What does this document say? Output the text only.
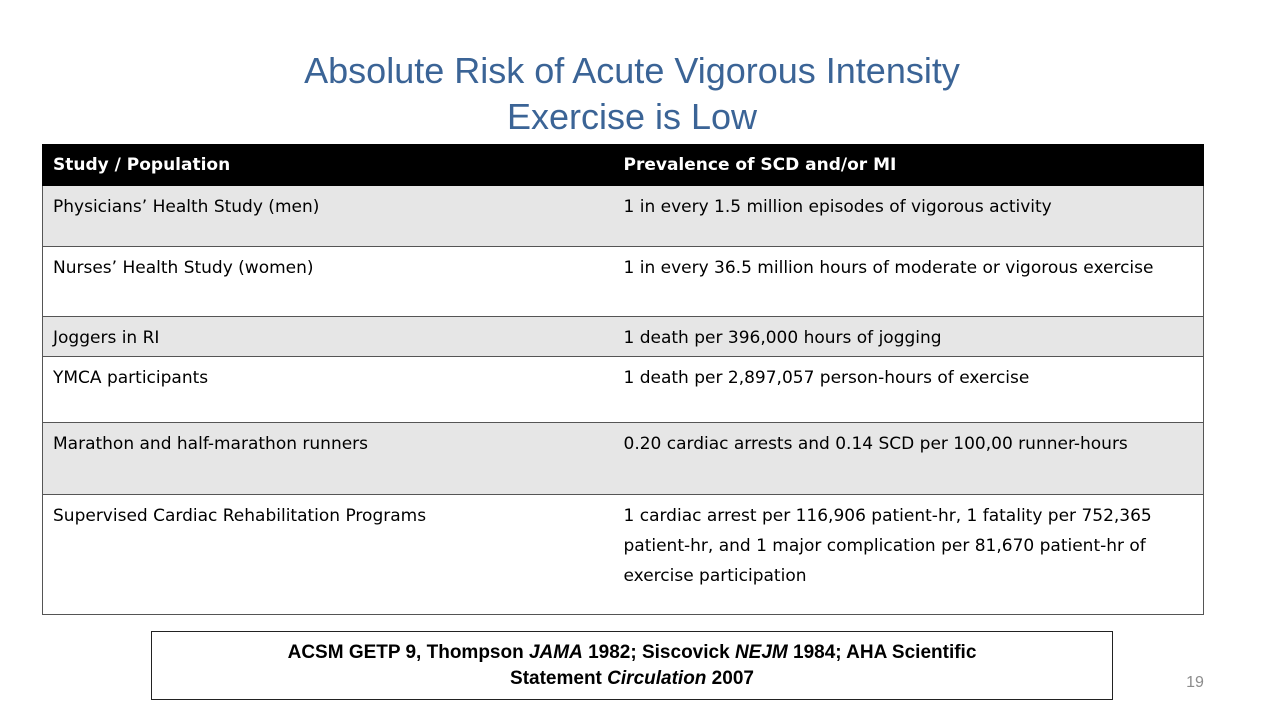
Absolute Risk of Acute Vigorous Intensity
Exercise is Low
Study / Population	Prevalence of SCD and/or MI
Physicians’ Health Study (men)	1 in every 1.5 million episodes of vigorous activity
Nurses’ Health Study (women)	1 in every 36.5 million hours of moderate or vigorous exercise
Joggers in RI	1 death per 396,000 hours of jogging
YMCA participants	1 death per 2,897,057 person-hours of exercise
Marathon and half-marathon runners	0.20 cardiac arrests and 0.14 SCD per 100,00 runner-hours
Supervised Cardiac Rehabilitation Programs	1 cardiac arrest per 116,906 patient-hr, 1 fatality per 752,365 patient-hr, and 1 major complication per 81,670 patient-hr of exercise participation
ACSM GETP 9, Thompson JAMA 1982; Siscovick NEJM 1984; AHA Scientific
Statement Circulation 2007	19
